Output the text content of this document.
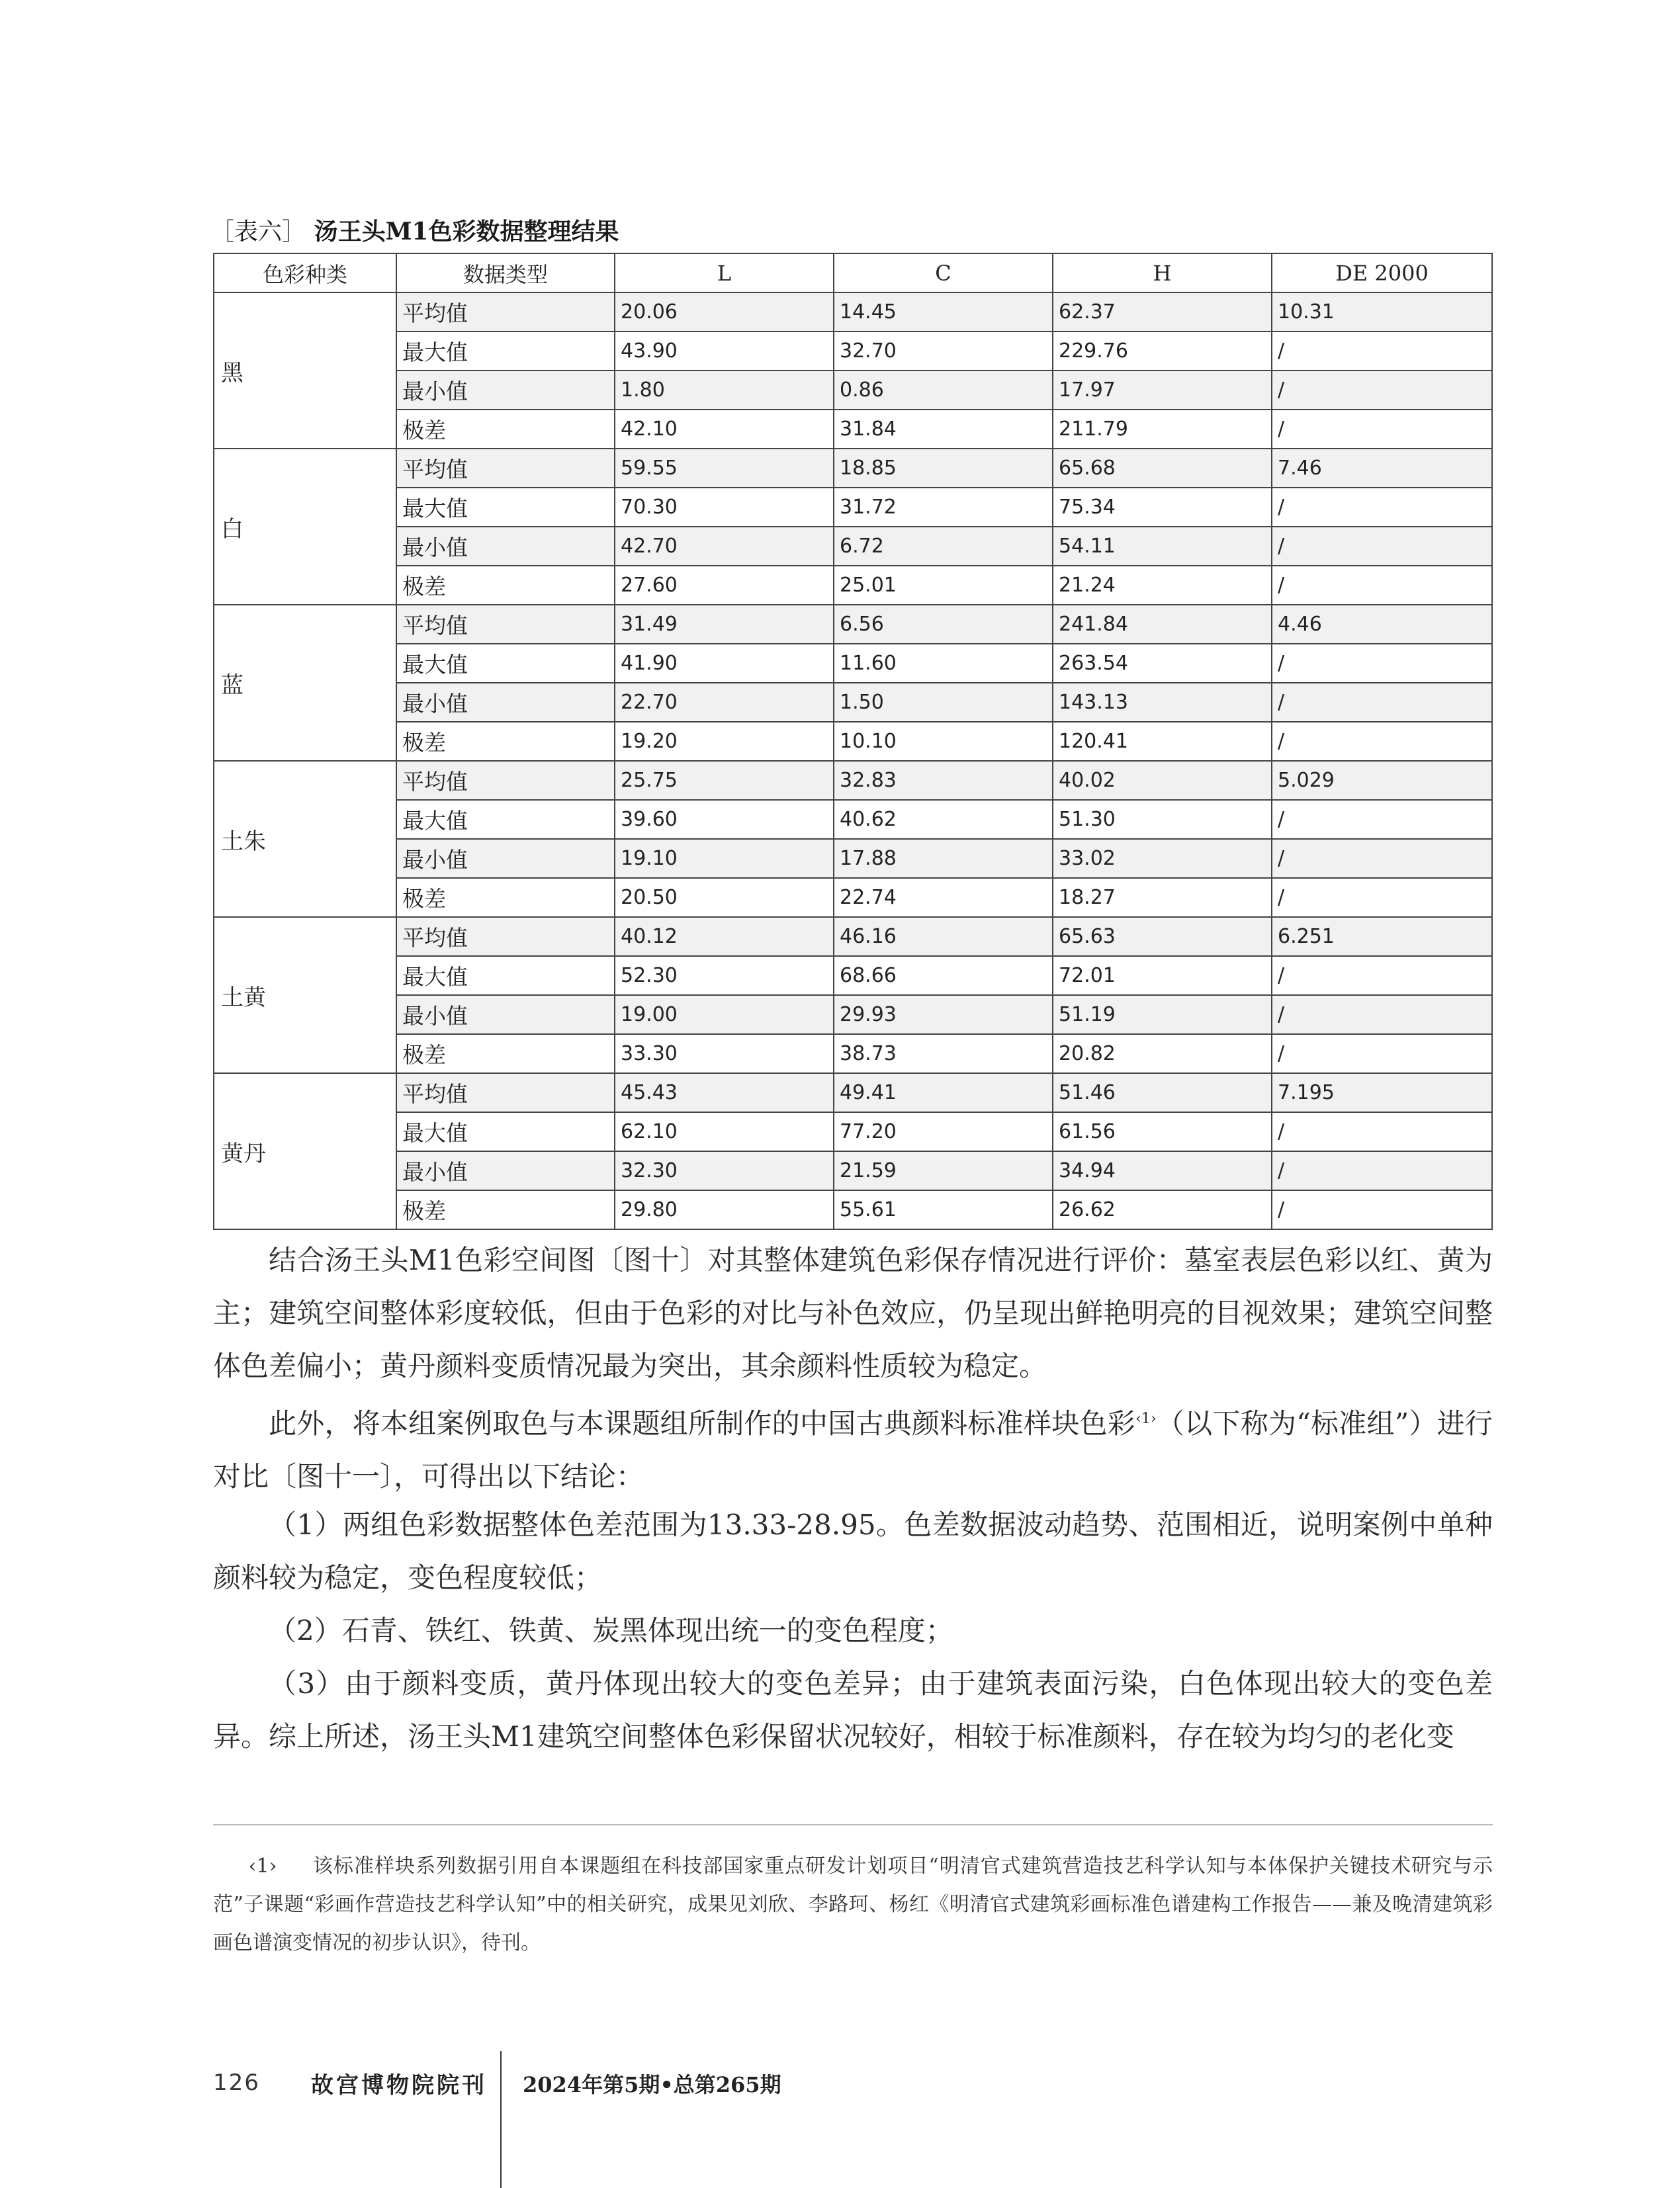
［表六］ 汤王头M1色彩数据整理结果
色彩种类	数据类型	L	C	H	DE 2000
黑	平均值	20.06	14.45	62.37	10.31
	最大值	43.90	32.70	229.76	/
	最小值	1.80	0.86	17.97	/
	极差	42.10	31.84	211.79	/
白	平均值	59.55	18.85	65.68	7.46
	最大值	70.30	31.72	75.34	/
	最小值	42.70	6.72	54.11	/
	极差	27.60	25.01	21.24	/
蓝	平均值	31.49	6.56	241.84	4.46
	最大值	41.90	11.60	263.54	/
	最小值	22.70	1.50	143.13	/
	极差	19.20	10.10	120.41	/
土朱	平均值	25.75	32.83	40.02	5.029
	最大值	39.60	40.62	51.30	/
	最小值	19.10	17.88	33.02	/
	极差	20.50	22.74	18.27	/
土黄	平均值	40.12	46.16	65.63	6.251
	最大值	52.30	68.66	72.01	/
	最小值	19.00	29.93	51.19	/
	极差	33.30	38.73	20.82	/
黄丹	平均值	45.43	49.41	51.46	7.195
	最大值	62.10	77.20	61.56	/
	最小值	32.30	21.59	34.94	/
	极差	29.80	55.61	26.62	/
结合汤王头M1色彩空间图〔图十〕对其整体建筑色彩保存情况进行评价：墓室表层色彩以红、黄为主；建筑空间整体彩度较低，但由于色彩的对比与补色效应，仍呈现出鲜艳明亮的目视效果；建筑空间整体色差偏小；黄丹颜料变质情况最为突出，其余颜料性质较为稳定。
此外，将本组案例取色与本课题组所制作的中国古典颜料标准样块色彩$^{‹1›}$（以下称为“标准组”）进行对比〔图十一〕，可得出以下结论：
（1）两组色彩数据整体色差范围为13.33-28.95。色差数据波动趋势、范围相近，说明案例中单种颜料较为稳定，变色程度较低；
（2）石青、铁红、铁黄、炭黑体现出统一的变色程度；
（3）由于颜料变质，黄丹体现出较大的变色差异；由于建筑表面污染，白色体现出较大的变色差异。 综上所述，汤王头M1建筑空间整体色彩保留状况较好，相较于标准颜料，存在较为均匀的老化变
‹1› 该标准样块系列数据引用自本课题组在科技部国家重点研发计划项目“明清官式建筑营造技艺科学认知与本体保护关键技术研究与示范”子课题“彩画作营造技艺科学认知”中的相关研究，成果见刘欣、李路珂、杨红《明清官式建筑彩画标准色谱建构工作报告——兼及晚清建筑彩画色谱演变情况的初步认识》，待刊。
126 故宫博物院院刊 2024年第5期•总第265期
